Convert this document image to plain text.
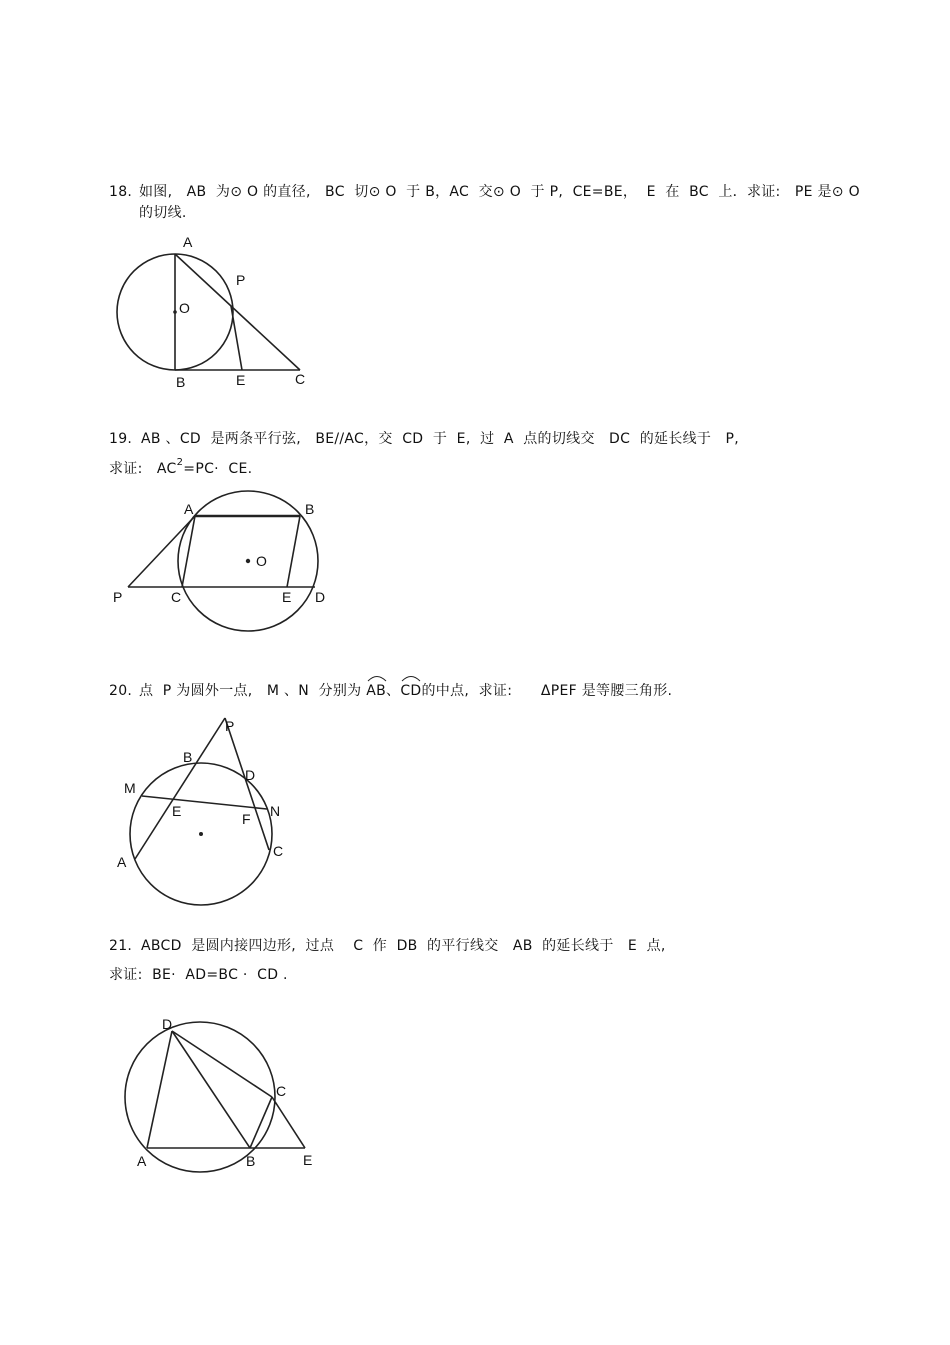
18. 如图,　AB  为⊙ O 的直径,　BC  切⊙ O  于 B，AC  交⊙ O  于 P,  CE=BE，  E  在  BC  上．求证:　PE 是⊙ O
的切线.
A
P
O
B	E	C
19. AB 、CD  是两条平行弦,　BE//AC，交  CD  于  E,  过  A  点的切线交　DC  的延长线于　P,
求证:　$AC^2=PC\cdot$  CE.
A	B
O
P	C	E D
20. 点  P 为圆外一点,　M 、N  分别为 AB、
CD的中点,  求证:　　ΔPEF 是等腰三角形.
P
B
D
M
N
E	F
A
C
21. ABCD  是圆内接四边形,  过点　 C  作  DB  的平行线交　AB  的延长线于　E  点,
求证:  BE·  AD=BC ·  CD .
D
C
A	B	E
